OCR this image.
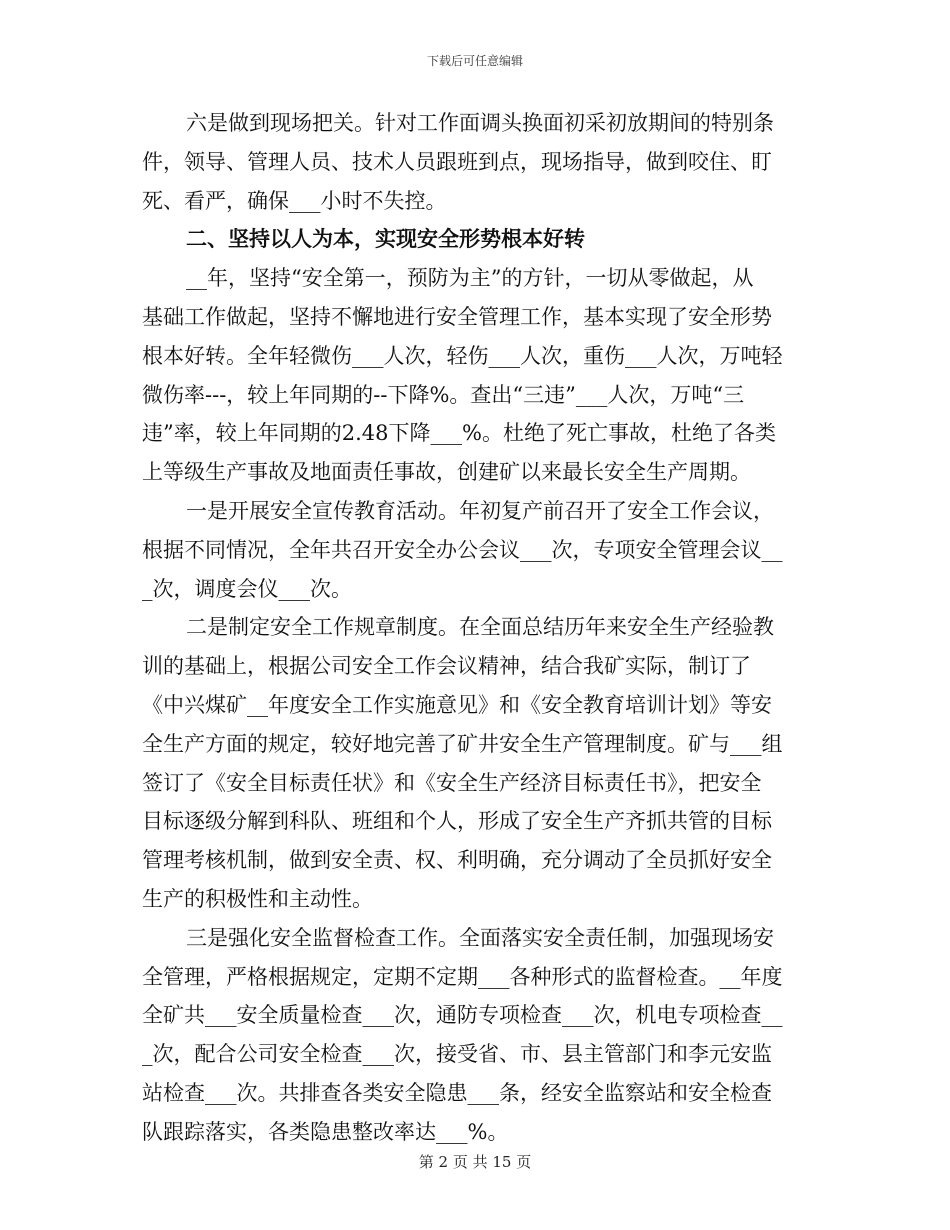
下载后可任意编辑
六是做到现场把关。针对工作面调头换面初采初放期间的特别条
件，领导、管理人员、技术人员跟班到点，现场指导，做到咬住、盯
死、看严，确保___小时不失控。
二、坚持以人为本，实现安全形势根本好转
__年，坚持“安全第一，预防为主”的方针，一切从零做起，从
基础工作做起，坚持不懈地进行安全管理工作，基本实现了安全形势
根本好转。全年轻微伤___人次，轻伤___人次，重伤___人次，万吨轻
微伤率---，较上年同期的--下降%。查出“三违”___人次，万吨“三
违”率，较上年同期的2.48下降___%。杜绝了死亡事故，杜绝了各类
上等级生产事故及地面责任事故，创建矿以来最长安全生产周期。
一是开展安全宣传教育活动。年初复产前召开了安全工作会议，
根据不同情况，全年共召开安全办公会议___次，专项安全管理会议__
_次，调度会仪___次。
二是制定安全工作规章制度。在全面总结历年来安全生产经验教
训的基础上，根据公司安全工作会议精神，结合我矿实际，制订了
《中兴煤矿__年度安全工作实施意见》和《安全教育培训计划》等安
全生产方面的规定，较好地完善了矿井安全生产管理制度。矿与___组
签订了《安全目标责任状》和《安全生产经济目标责任书》，把安全
目标逐级分解到科队、班组和个人，形成了安全生产齐抓共管的目标
管理考核机制，做到安全责、权、利明确，充分调动了全员抓好安全
生产的积极性和主动性。
三是强化安全监督检查工作。全面落实安全责任制，加强现场安
全管理，严格根据规定，定期不定期___各种形式的监督检查。__年度
全矿共___安全质量检查___次，通防专项检查___次，机电专项检查__
_次，配合公司安全检查___次，接受省、市、县主管部门和李元安监
站检查___次。共排查各类安全隐患___条，经安全监察站和安全检查
队跟踪落实，各类隐患整改率达___%。
第 2 页 共 15 页
